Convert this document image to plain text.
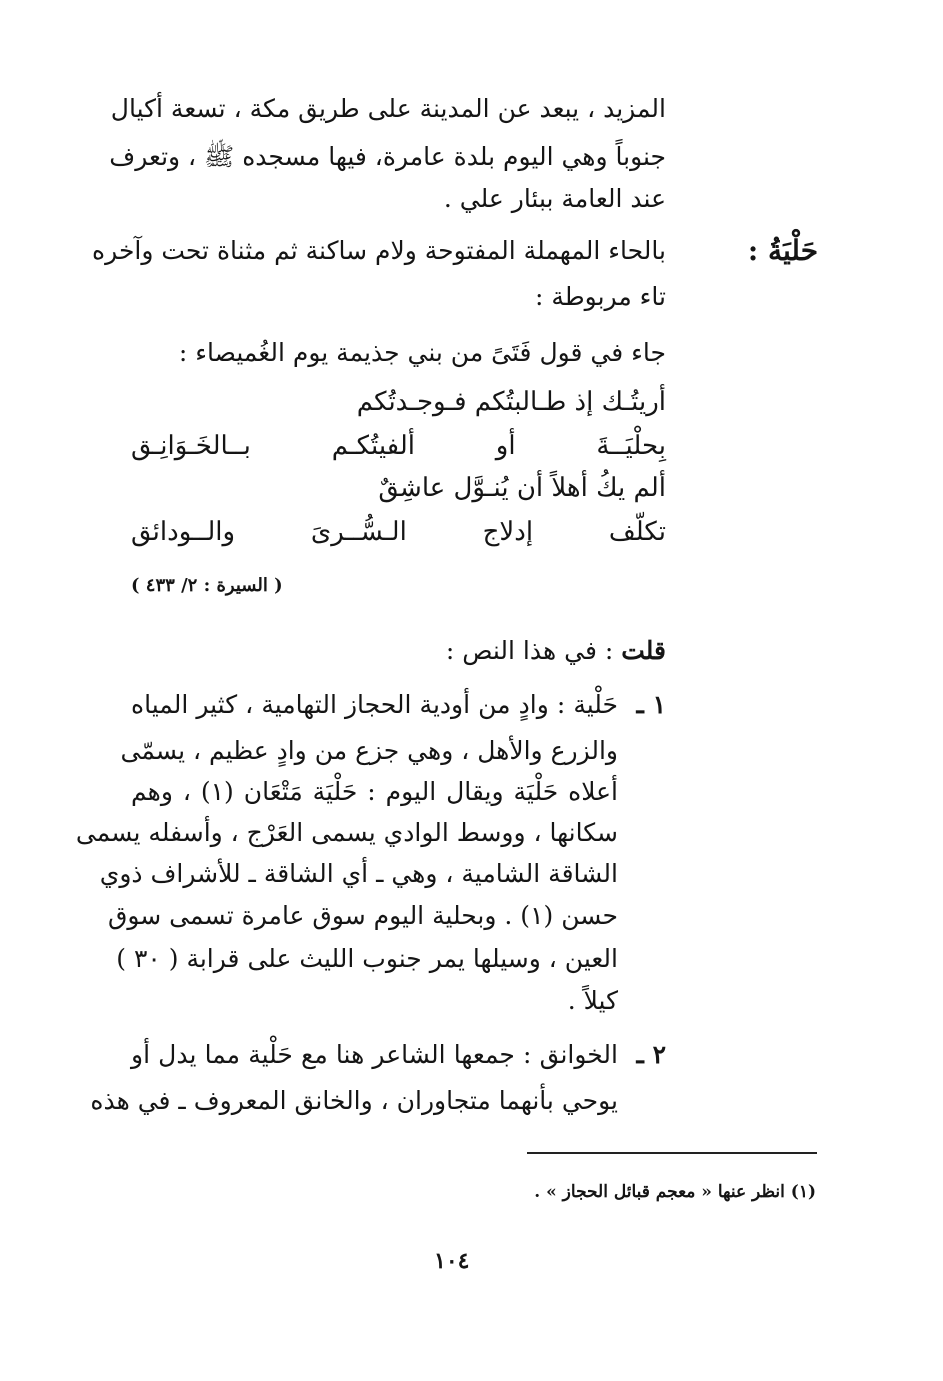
المزيد ، يبعد عن المدينة على طريق مكة ، تسعة أكيال
جنوباً وهي اليوم بلدة عامرة، فيها مسجده ﷺ ، وتعرف
عند العامة ببئار علي .
حَلْيَةُ :
بالحاء المهملة المفتوحة ولام ساكنة ثم مثناة تحت وآخره
تاء مربوطة :
جاء في قول فَتَىً من بني جذيمة يوم الغُميصاء :
أريتُـك إذ طـالبتُكم فـوجـدتُكم
بِحلْيَــةَ أو ألفيتُكـم بــالخَـوَانِـق
ألم يكُ أهلاً أن يُنـوَّل عاشِقٌ
تكلّف إدلاج الـسُّــرىَ والــودائق
( السيرة : ٢/ ٤٣٣ )
قلت : في هذا النص :
١ ـ
حَلْية : وادٍ من أودية الحجاز التهامية ، كثير المياه
والزرع والأهل ، وهي جزع من وادٍ عظيم ، يسمّى
أعلاه حَلْيَة ويقال اليوم : حَلْيَة مَتْعَان (١) ، وهم
سكانها ، ووسط الوادي يسمى العَرْج ، وأسفله يسمى
الشاقة الشامية ، وهي ـ أي الشاقة ـ للأشراف ذوي
حسن (١) . وبحلية اليوم سوق عامرة تسمى سوق
العين ، وسيلها يمر جنوب الليث على قرابة ( ٣٠ )
كيلاً .
٢ ـ
الخوانق : جمعها الشاعر هنا مع حَلْية مما يدل أو
يوحي بأنهما متجاوران ، والخانق المعروف ـ في هذه
(١) انظر عنها « معجم قبائل الحجاز » .
١٠٤
